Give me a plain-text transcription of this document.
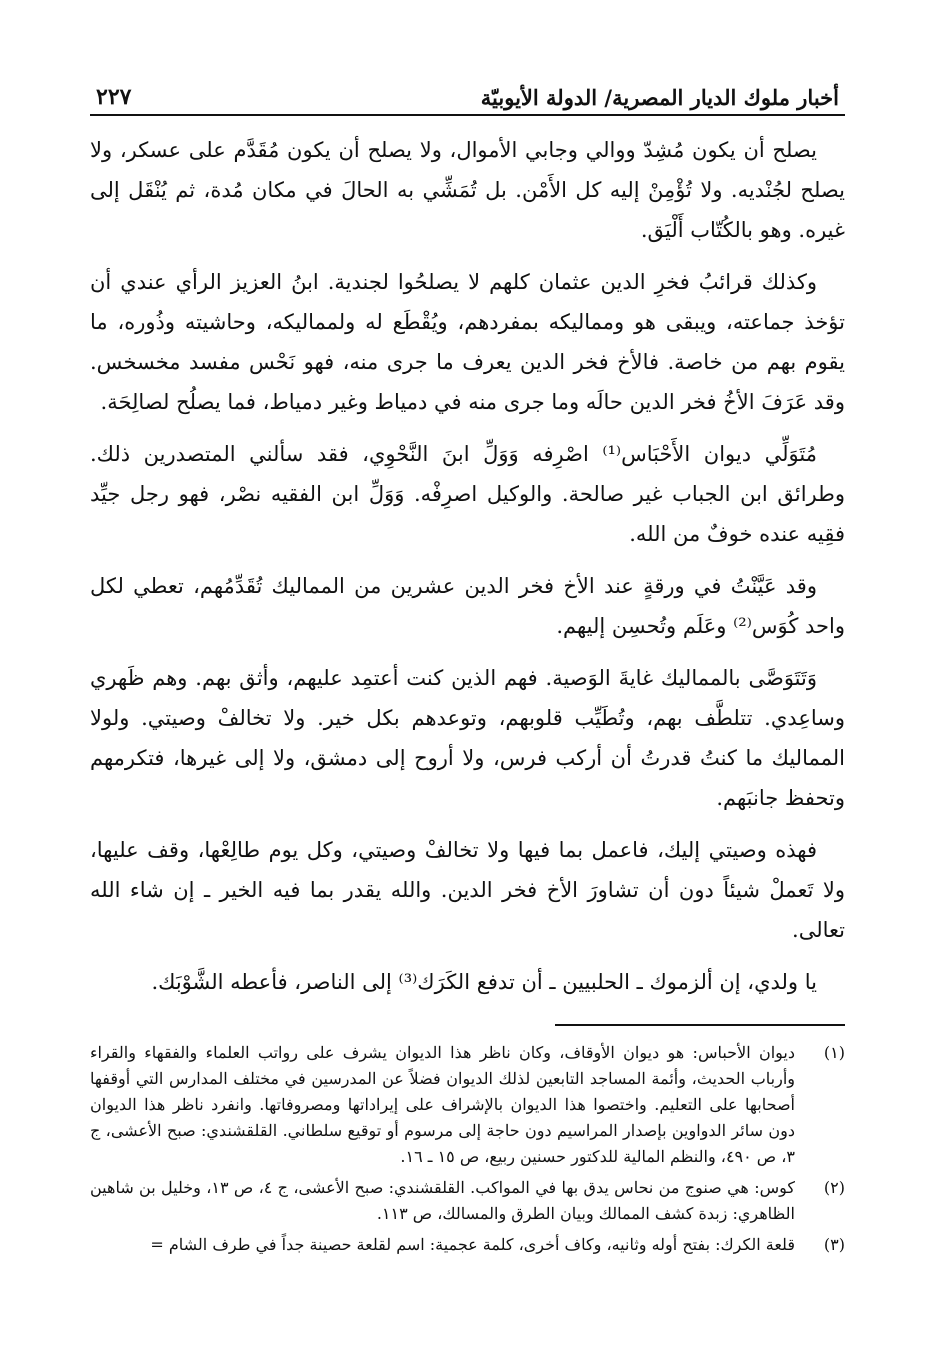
أخبار ملوك الديار المصرية/ الدولة الأيوبيّة
٢٢٧

يصلح أن يكون مُشِدّ ووالي وجابي الأموال، ولا يصلح أن يكون مُقَدَّم على عسكر، ولا يصلح لجُنْديه. ولا تُؤْمِنْ إليه كل الأَمْن. بل تُمَشِّي به الحالَ في مكان مُدة، ثم يُنْقَل إلى غيره. وهو بالكُتّاب أَلْيَق.

وكذلك قرائبُ فخرِ الدين عثمان كلهم لا يصلحُوا لجندية. ابنُ العزيز الرأي عندي أن تؤخذ جماعته، ويبقى هو ومماليكه بمفردهم، ويُقْطَع له ولمماليكه، وحاشيته وذُوره، ما يقوم بهم من خاصة. فالأخ فخر الدين يعرف ما جرى منه، فهو نَحْس مفسد مخسخس. وقد عَرَفَ الأخُ فخر الدين حالَه وما جرى منه في دمياط وغير دمياط، فما يصلُح لصالِحَة.

مُتَوَلِّي ديوان الأَحْبَاس⁽¹⁾ اصْرِفه وَوَلِّ ابنَ النَّحْوِي، فقد سألني المتصدرين ذلك. وطرائق ابن الجباب غير صالحة. والوكيل اصرِفْه. وَوَلِّ ابن الفقيه نصْر، فهو رجل جيِّد فقِيه عنده خوفٌ من الله.

وقد عَيَّنْتُ في ورقةٍ عند الأخ فخر الدين عشرين من المماليك تُقَدِّمُهم، تعطي لكل واحد كُوَس⁽²⁾ وعَلَم وتُحسِن إليهم.

وَتَتَوَصَّى بالمماليك غايةَ الوَصية. فهم الذين كنت أعتمِد عليهم، وأثق بهم. وهم ظَهري وساعِدي. تتلطَّف بهم، وتُطَيِّب قلوبهم، وتوعدهم بكل خير. ولا تخالفْ وصيتي. ولولا المماليك ما كنتُ قدرتُ أن أركب فرس، ولا أروح إلى دمشق، ولا إلى غيرها، فتكرمهم وتحفظ جانبَهم.

فهذه وصيتي إليك، فاعمل بما فيها ولا تخالفْ وصيتي، وكل يوم طالِعْها، وقف عليها، ولا تَعملْ شيئاً دون أن تشاورَ الأخ فخر الدين. والله يقدر بما فيه الخير ـ إن شاء الله تعالى.

يا ولدي، إن ألزموك ـ الحلبيين ـ أن تدفع الكَرَك⁽³⁾ إلى الناصر، فأعطه الشَّوْبَك.

(١)
ديوان الأحباس: هو ديوان الأوقاف، وكان ناظر هذا الديوان يشرف على رواتب العلماء والفقهاء والقراء وأرباب الحديث، وأئمة المساجد التابعين لذلك الديوان فضلاً عن المدرسين في مختلف المدارس التي أوقفها أصحابها على التعليم. واختصوا هذا الديوان بالإشراف على إيراداتها ومصروفاتها. وانفرد ناظر هذا الديوان دون سائر الدواوين بإصدار المراسيم دون حاجة إلى مرسوم أو توقيع سلطاني. القلقشندي: صبح الأعشى، ج ٣، ص ٤٩٠، والنظم المالية للدكتور حسنين ربيع، ص ١٥ ـ ١٦.
(٢)
كوس: هي صنوج من نحاس يدق بها في المواكب. القلقشندي: صبح الأعشى، ج ٤، ص ١٣، وخليل بن شاهين الظاهري: زبدة كشف الممالك وبيان الطرق والمسالك، ص ١١٣.
(٣)
قلعة الكرك: بفتح أوله وثانيه، وكاف أخرى، كلمة عجمية: اسم لقلعة حصينة جداً في طرف الشام =
